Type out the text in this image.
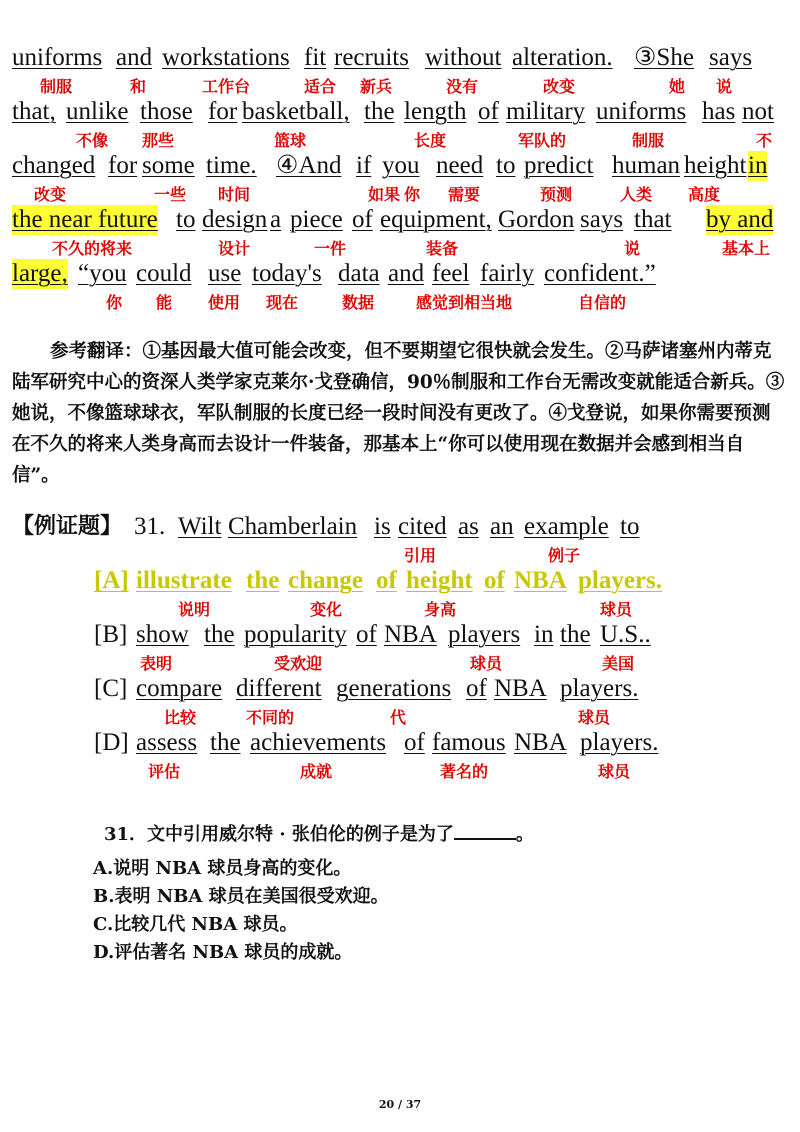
uniforms and workstations fit recruits without alteration. ③She says
制服	和	工作台	适合 新兵	没有	改变	她 说
that, unlike those for basketball, the length of military uniforms has not
不像 那些	篮球	长度	军队的	制服	不
changed for some time. ④And if you need to predict human height in
改变	一些 时间	如果 你 需要	预测	人类 高度
the near future to design a piece of equipment, Gordon says that by and
不久的将来	设计	一件	装备	说	基本上
large, “you could use today's data and feel fairly confident.”
你 能 使用 现在	数据	感觉到相当地	自信的
参考翻译：①基因最大值可能会改变，但不要期望它很快就会发生。②马萨诸塞州内蒂克陆军研究中心的资深人类学家克莱尔·戈登确信，90％制服和工作台无需改变就能适合新兵。③她说，不像篮球球衣，军队制服的长度已经一段时间没有更改了。④戈登说，如果你需要预测在不久的将来人类身高而去设计一件装备，那基本上“你可以使用现在数据并会感到相当自信”。
【例证题】 31. Wilt Chamberlain is cited as an example to
引用	例子
[A] illustrate the change of height of NBA players.
说明	变化	身高	球员
[B] show the popularity of NBA players in the U.S..
表明	受欢迎	球员	美国
[C] compare different generations of NBA players.
比较	不同的	代	球员
[D] assess the achievements of famous NBA players.
评估	成就	著名的	球员
31．文中引用威尔特 · 张伯伦的例子是为了	。
A.说明 NBA 球员身高的变化。
B.表明 NBA 球员在美国很受欢迎。
C.比较几代 NBA 球员。
D.评估著名 NBA 球员的成就。
20 / 37
